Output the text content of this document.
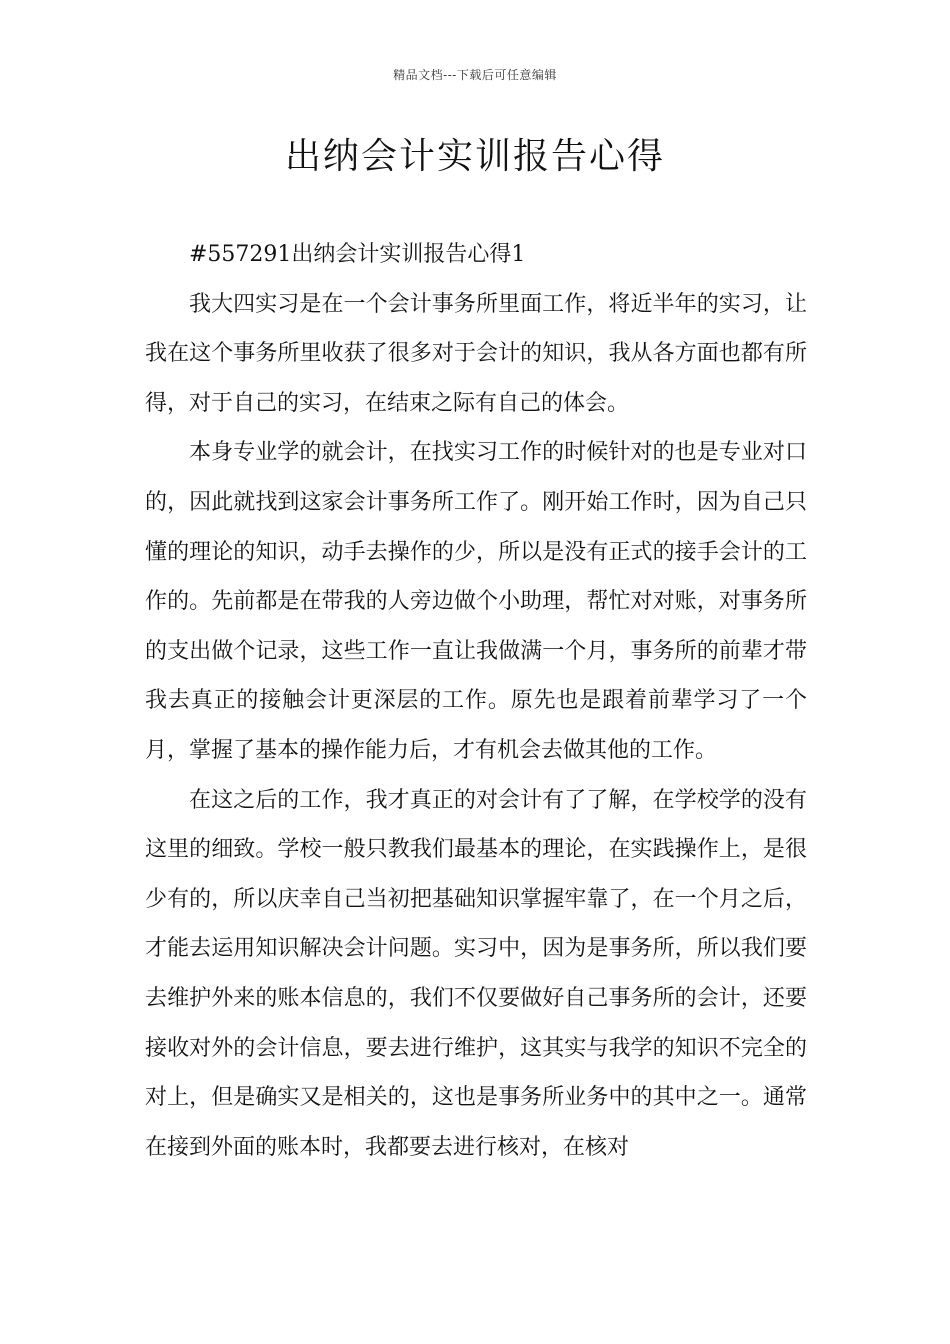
精品文档---下载后可任意编辑
出纳会计实训报告心得

#557291出纳会计实训报告心得1

我大四实习是在一个会计事务所里面工作，将近半年的实习，让我在这个事务所里收获了很多对于会计的知识，我从各方面也都有所得，对于自己的实习，在结束之际有自己的体会。

本身专业学的就会计，在找实习工作的时候针对的也是专业对口的，因此就找到这家会计事务所工作了。刚开始工作时，因为自己只懂的理论的知识，动手去操作的少，所以是没有正式的接手会计的工作的。先前都是在带我的人旁边做个小助理，帮忙对对账，对事务所的支出做个记录，这些工作一直让我做满一个月，事务所的前辈才带我去真正的接触会计更深层的工作。原先也是跟着前辈学习了一个月，掌握了基本的操作能力后，才有机会去做其他的工作。

在这之后的工作，我才真正的对会计有了了解，在学校学的没有这里的细致。学校一般只教我们最基本的理论，在实践操作上，是很少有的，所以庆幸自己当初把基础知识掌握牢靠了，在一个月之后，才能去运用知识解决会计问题。实习中，因为是事务所，所以我们要去维护外来的账本信息的，我们不仅要做好自己事务所的会计，还要接收对外的会计信息，要去进行维护，这其实与我学的知识不完全的对上，但是确实又是相关的，这也是事务所业务中的其中之一。通常在接到外面的账本时，我都要去进行核对，在核对
